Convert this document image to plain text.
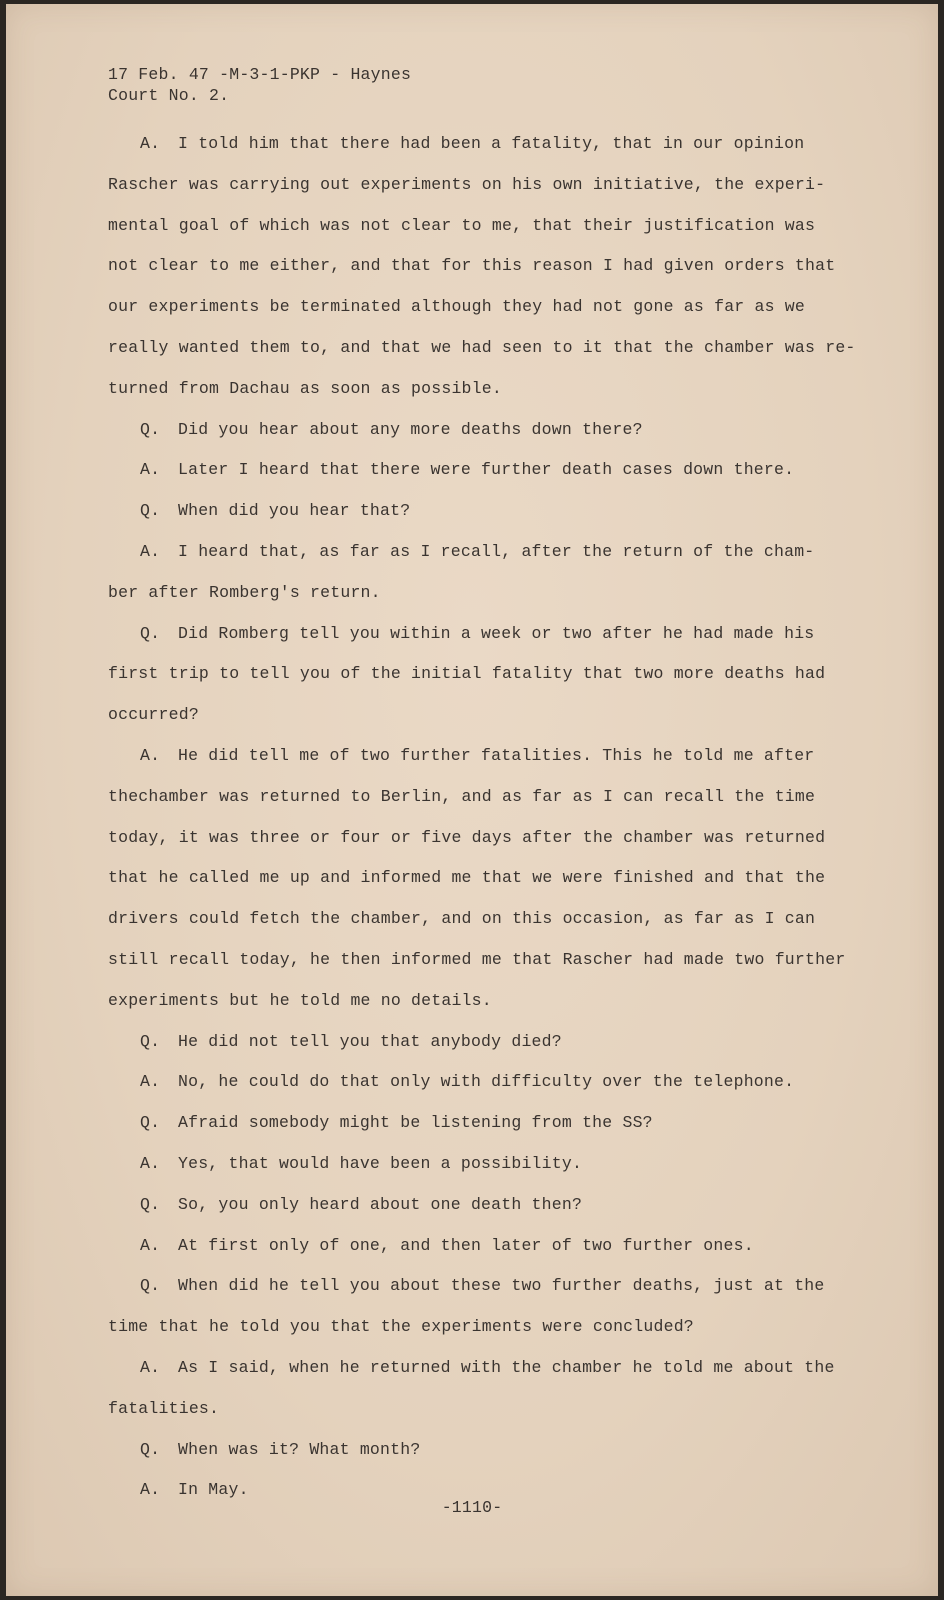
17 Feb. 47 -M-3-1-PKP - Haynes
Court No. 2.
A. I told him that there had been a fatality, that in our opinion
Rascher was carrying out experiments on his own initiative, the experi-
mental goal of which was not clear to me, that their justification was
not clear to me either, and that for this reason I had given orders that
our experiments be terminated although they had not gone as far as we
really wanted them to, and that we had seen to it that the chamber was re-
turned from Dachau as soon as possible.
Q. Did you hear about any more deaths down there?
A. Later I heard that there were further death cases down there.
Q. When did you hear that?
A. I heard that, as far as I recall, after the return of the cham-
ber after Romberg's return.
Q. Did Romberg tell you within a week or two after he had made his
first trip to tell you of the initial fatality that two more deaths had
occurred?
A. He did tell me of two further fatalities. This he told me after
thechamber was returned to Berlin, and as far as I can recall the time
today, it was three or four or five days after the chamber was returned
that he called me up and informed me that we were finished and that the
drivers could fetch the chamber, and on this occasion, as far as I can
still recall today, he then informed me that Rascher had made two further
experiments but he told me no details.
Q. He did not tell you that anybody died?
A. No, he could do that only with difficulty over the telephone.
Q. Afraid somebody might be listening from the SS?
A. Yes, that would have been a possibility.
Q. So, you only heard about one death then?
A. At first only of one, and then later of two further ones.
Q. When did he tell you about these two further deaths, just at the
time that he told you that the experiments were concluded?
A. As I said, when he returned with the chamber he told me about the
fatalities.
Q. When was it? What month?
A. In May.
-1110-
